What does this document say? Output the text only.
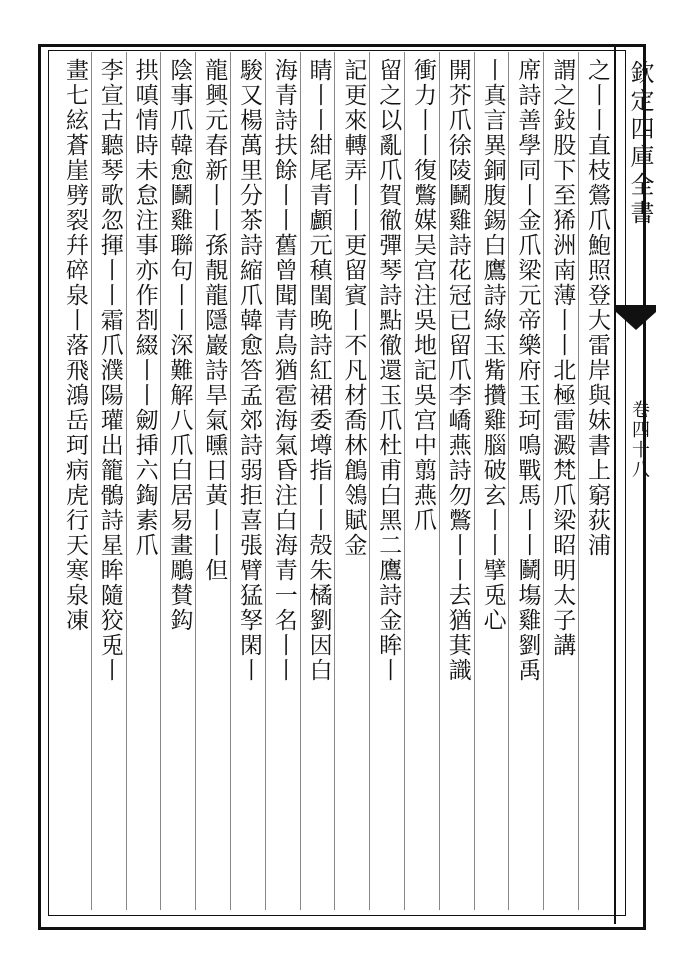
欽定四庫全書
卷四十八
之丨丨直枝鶯爪鮑照登大雷岸與妹書上窮荻浦
謂之鈙股下至狶洲南薄丨丨北極雷澱梵爪梁昭明太子講
席詩善學同丨金爪梁元帝樂府玉珂鳴戰馬丨丨鬭塲雞劉禹
丨真言異銅腹錫白鷹詩綠玉觜攢雞腦破玄丨丨擘兎心
開芥爪徐陵鬭雞詩花冠已留爪李嶠燕詩勿鷩丨丨去猶萁識
衝力丨丨復鷩媒吴宫注吳地記吳宫中翦燕爪
留之以亂爪賀徹彈琴詩點徹還玉爪杜甫白黑二鷹詩金眸丨
記更來轉弄丨丨更留賓丨不凡材喬林鶬鴒賦金
睛丨丨紺尾青顱元稹閨晚詩紅裙委墫指丨丨殻朱橘劉因白
海青詩扶餘丨丨舊曾聞青鳥猶雹海氣昏注白海青一名丨丨
駿又楊萬里分茶詩縮爪韓愈答孟郊詩弱拒喜張臂猛孥閑丨
龍興元春新丨丨孫靚龍隱巖詩旱氣曛日黃丨丨但
陰事爪韓愈鬭雞聯句丨丨深難解八爪白居易畫鵰賛鈎
拱嗔情時未怠注事亦作剳綴丨丨劒挿六鋾素爪
李宣古聽琴歌忽揮丨丨霜爪濮陽瓘出籠鶻詩星眸隨狡兎丨
畫七絃蒼崖劈裂幷碎泉丨落飛鴻岳珂病虎行天寒泉凍
